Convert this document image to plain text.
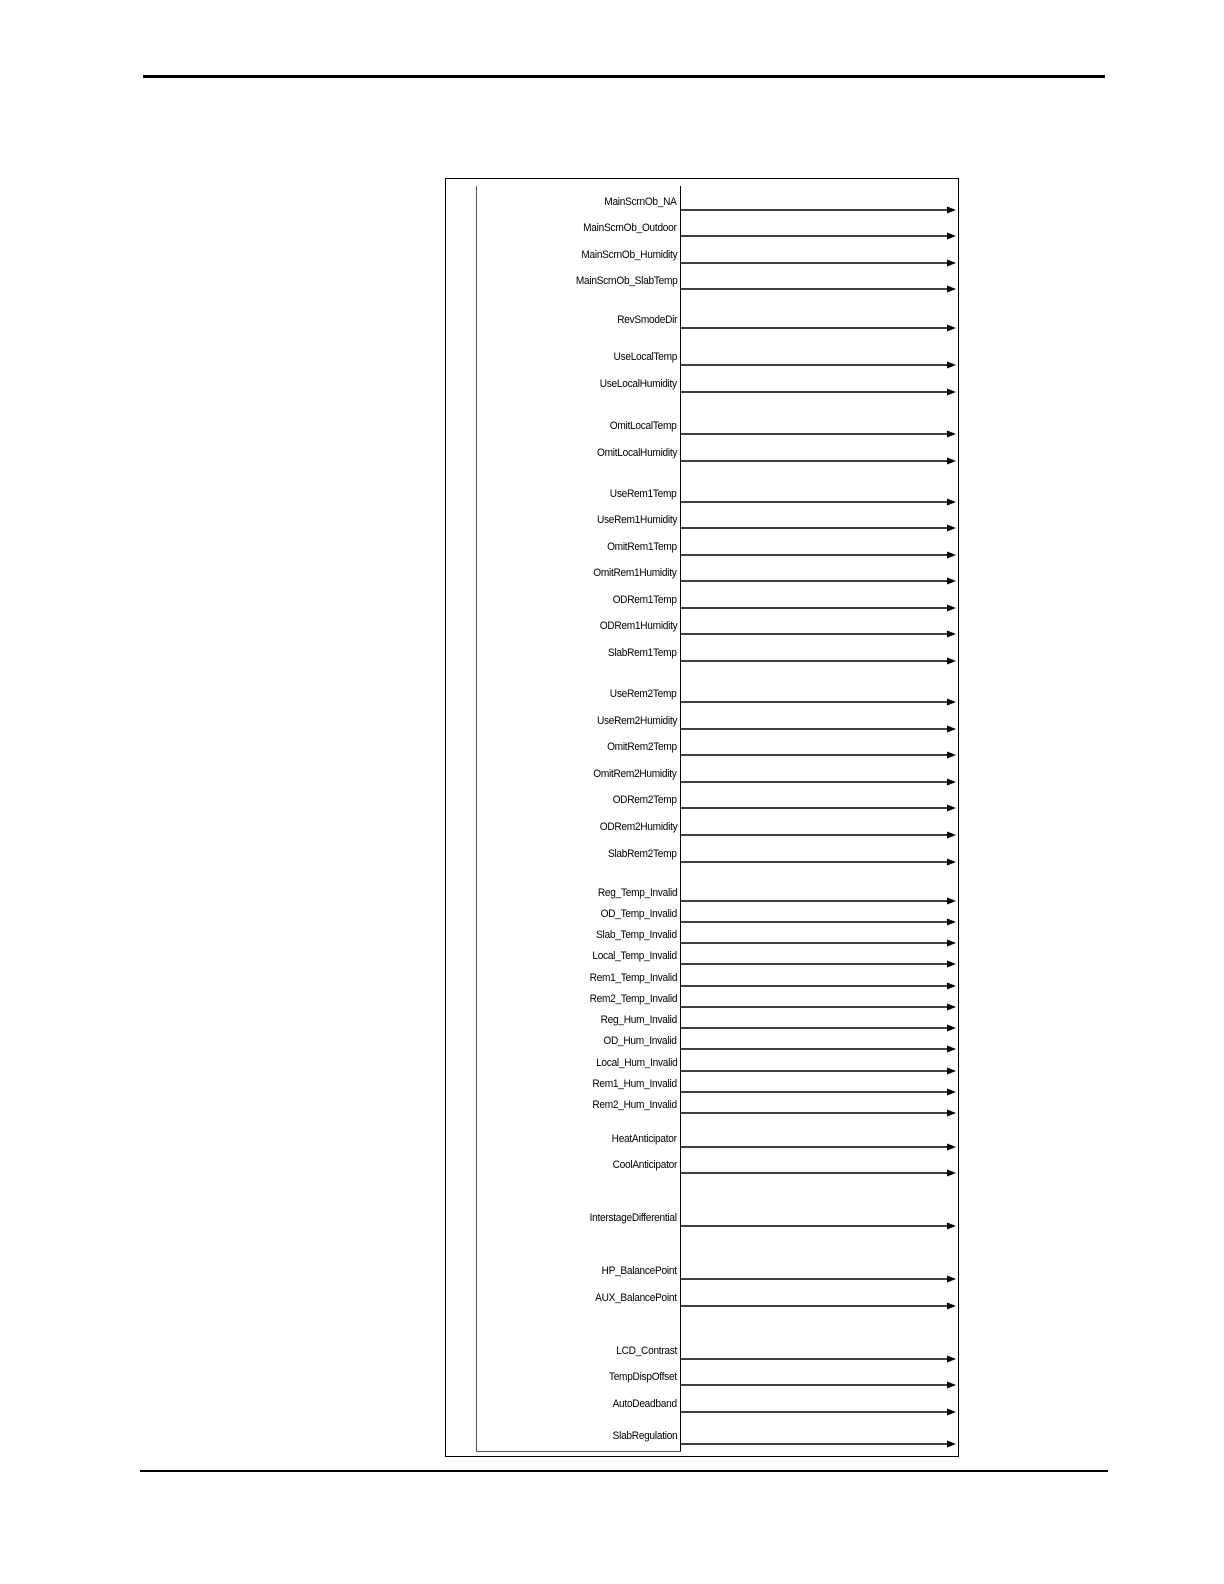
MainScrnOb_NA
MainScrnOb_Outdoor
MainScrnOb_Humidity
MainScrnOb_SlabTemp
RevSmodeDir
UseLocalTemp
UseLocalHumidity
OmitLocalTemp
OmitLocalHumidity
UseRem1Temp
UseRem1Humidity
OmitRem1Temp
OmitRem1Humidity
ODRem1Temp
ODRem1Humidity
SlabRem1Temp
UseRem2Temp
UseRem2Humidity
OmitRem2Temp
OmitRem2Humidity
ODRem2Temp
ODRem2Humidity
SlabRem2Temp
Reg_Temp_Invalid
OD_Temp_Invalid
Slab_Temp_Invalid
Local_Temp_Invalid
Rem1_Temp_Invalid
Rem2_Temp_Invalid
Reg_Hum_Invalid
OD_Hum_Invalid
Local_Hum_Invalid
Rem1_Hum_Invalid
Rem2_Hum_Invalid
HeatAnticipator
CoolAnticipator
InterstageDifferential
HP_BalancePoint
AUX_BalancePoint
LCD_Contrast
TempDispOffset
AutoDeadband
SlabRegulation
